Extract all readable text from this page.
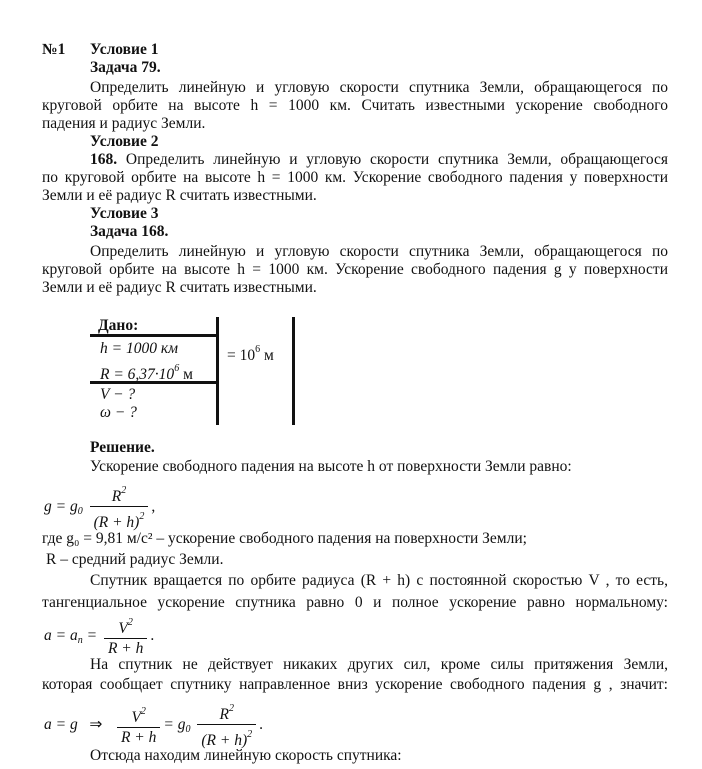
№1 Условие 1
Задача 79.
Определить линейную и угловую скорости спутника Земли, обращающегося по
круговой орбите на высоте h = 1000 км. Считать известными ускорение свободного
падения и радиус Земли.
Условие 2
168. Определить линейную и угловую скорости спутника Земли, обращающегося
по круговой орбите на высоте h = 1000 км. Ускорение свободного падения у поверхности
Земли и её радиус R считать известными.
Условие 3
Задача 168.
Определить линейную и угловую скорости спутника Земли, обращающегося по
круговой орбите на высоте h = 1000 км. Ускорение свободного падения g у поверхности
Земли и её радиус R считать известными.
Дано:
h = 1000 км
$R = 6,37\cdot 10^6$ м
= $10^6$ м
V − ?
ω − ?
Решение.
Ускорение свободного падения на высоте h от поверхности Земли равно:
$g = g_0 \frac{R^2}{(R + h)^2}$ ,
где g₀ = 9,81 м/с² – ускорение свободного падения на поверхности Земли;
R – средний радиус Земли.
Спутник вращается по орбите радиуса (R + h) с постоянной скоростью V , то есть,
тангенциальное ускорение спутника равно 0 и полное ускорение равно нормальному:
$a = a_n = \frac{V^2}{R + h}$ .
На спутник не действует никаких других сил, кроме силы притяжения Земли,
которая сообщает спутнику направленное вниз ускорение свободного падения g , значит:
a = g ⇒ $\frac{V^2}{R + h} = g_0 \frac{R^2}{(R + h)^2}$ .
Отсюда находим линейную скорость спутника:
